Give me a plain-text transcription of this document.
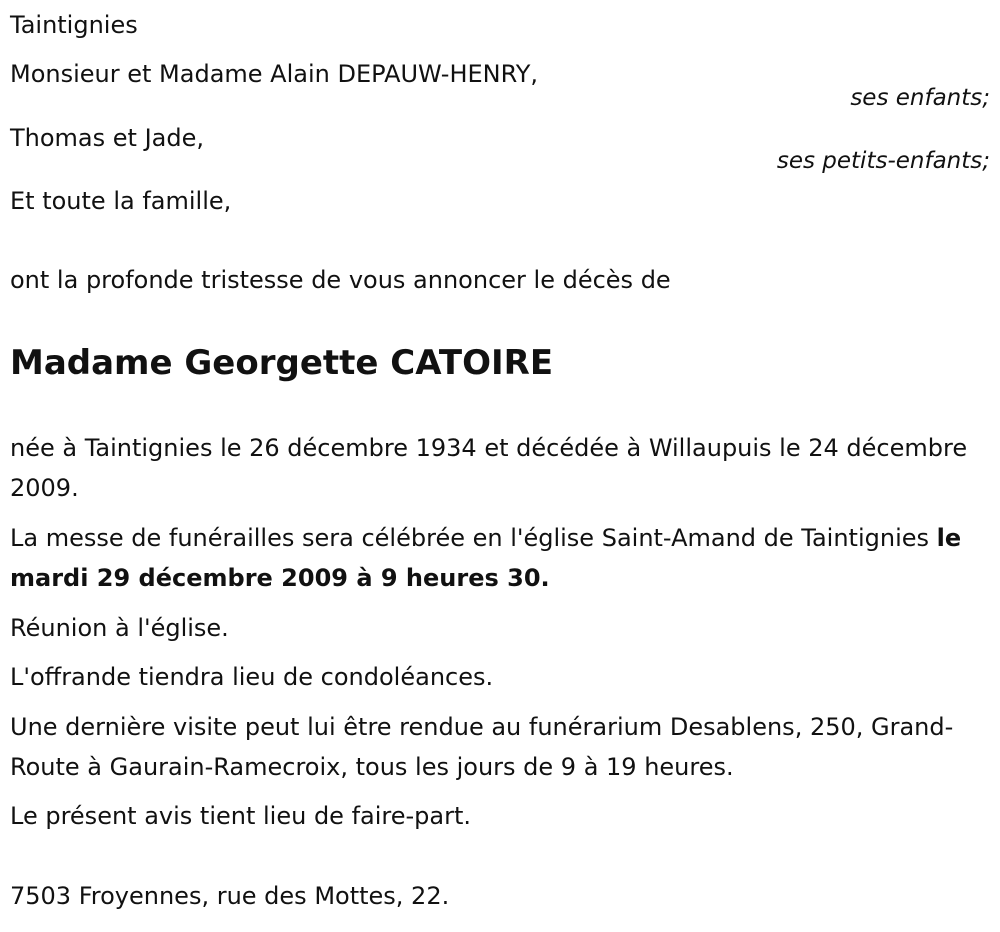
Taintignies

Monsieur et Madame Alain DEPAUW-HENRY,

ses enfants;

Thomas et Jade,

ses petits-enfants;

Et toute la famille,

ont la profonde tristesse de vous annoncer le décès de

Madame Georgette CATOIRE

née à Taintignies le 26 décembre 1934 et décédée à Willaupuis le 24 décembre 2009.

La messe de funérailles sera célébrée en l'église Saint-Amand de Taintignies le mardi 29 décembre 2009 à 9 heures 30.

Réunion à l'église.

L'offrande tiendra lieu de condoléances.

Une dernière visite peut lui être rendue au funérarium Desablens, 250, Grand-Route à Gaurain-Ramecroix, tous les jours de 9 à 19 heures.

Le présent avis tient lieu de faire-part.

7503 Froyennes, rue des Mottes, 22.
